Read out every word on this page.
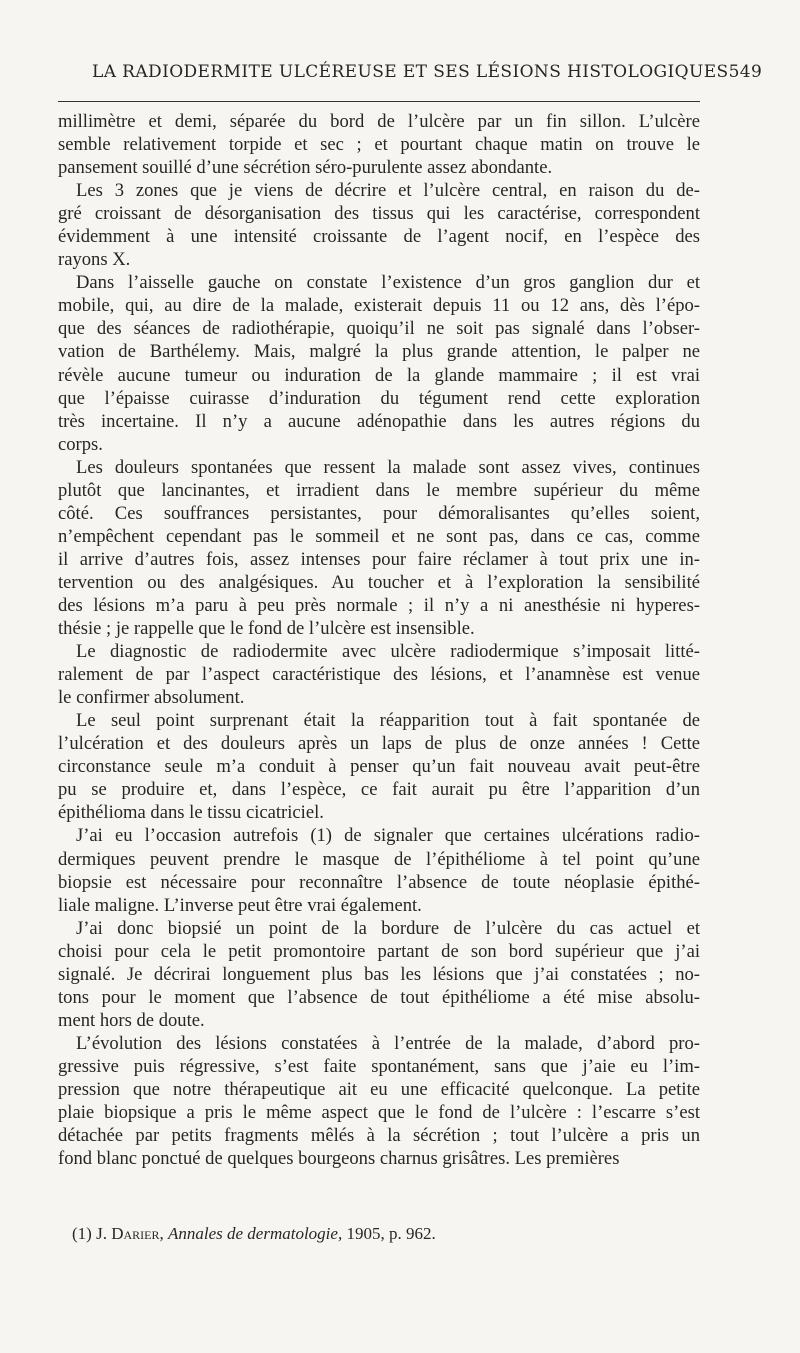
LA RADIODERMITE ULCÉREUSE ET SES LÉSIONS HISTOLOGIQUES 549
millimètre et demi, séparée du bord de l’ulcère par un fin sillon. L’ulcère
semble relativement torpide et sec ; et pourtant chaque matin on trouve le
pansement souillé d’une sécrétion séro-purulente assez abondante.
Les 3 zones que je viens de décrire et l’ulcère central, en raison du de-
gré croissant de désorganisation des tissus qui les caractérise, correspondent
évidemment à une intensité croissante de l’agent nocif, en l’espèce des
rayons X.
Dans l’aisselle gauche on constate l’existence d’un gros ganglion dur et
mobile, qui, au dire de la malade, existerait depuis 11 ou 12 ans, dès l’épo-
que des séances de radiothérapie, quoiqu’il ne soit pas signalé dans l’obser-
vation de Barthélemy. Mais, malgré la plus grande attention, le palper ne
révèle aucune tumeur ou induration de la glande mammaire ; il est vrai
que l’épaisse cuirasse d’induration du tégument rend cette exploration
très incertaine. Il n’y a aucune adénopathie dans les autres régions du
corps.
Les douleurs spontanées que ressent la malade sont assez vives, continues
plutôt que lancinantes, et irradient dans le membre supérieur du même
côté. Ces souffrances persistantes, pour démoralisantes qu’elles soient,
n’empêchent cependant pas le sommeil et ne sont pas, dans ce cas, comme
il arrive d’autres fois, assez intenses pour faire réclamer à tout prix une in-
tervention ou des analgésiques. Au toucher et à l’exploration la sensibilité
des lésions m’a paru à peu près normale ; il n’y a ni anesthésie ni hyperes-
thésie ; je rappelle que le fond de l’ulcère est insensible.
Le diagnostic de radiodermite avec ulcère radiodermique s’imposait litté-
ralement de par l’aspect caractéristique des lésions, et l’anamnèse est venue
le confirmer absolument.
Le seul point surprenant était la réapparition tout à fait spontanée de
l’ulcération et des douleurs après un laps de plus de onze années ! Cette
circonstance seule m’a conduit à penser qu’un fait nouveau avait peut-être
pu se produire et, dans l’espèce, ce fait aurait pu être l’apparition d’un
épithélioma dans le tissu cicatriciel.
J’ai eu l’occasion autrefois (1) de signaler que certaines ulcérations radio-
dermiques peuvent prendre le masque de l’épithéliome à tel point qu’une
biopsie est nécessaire pour reconnaître l’absence de toute néoplasie épithé-
liale maligne. L’inverse peut être vrai également.
J’ai donc biopsié un point de la bordure de l’ulcère du cas actuel et
choisi pour cela le petit promontoire partant de son bord supérieur que j’ai
signalé. Je décrirai longuement plus bas les lésions que j’ai constatées ; no-
tons pour le moment que l’absence de tout épithéliome a été mise absolu-
ment hors de doute.
L’évolution des lésions constatées à l’entrée de la malade, d’abord pro-
gressive puis régressive, s’est faite spontanément, sans que j’aie eu l’im-
pression que notre thérapeutique ait eu une efficacité quelconque. La petite
plaie biopsique a pris le même aspect que le fond de l’ulcère : l’escarre s’est
détachée par petits fragments mêlés à la sécrétion ; tout l’ulcère a pris un
fond blanc ponctué de quelques bourgeons charnus grisâtres. Les premières
(1) J. Darier, Annales de dermatologie, 1905, p. 962.
